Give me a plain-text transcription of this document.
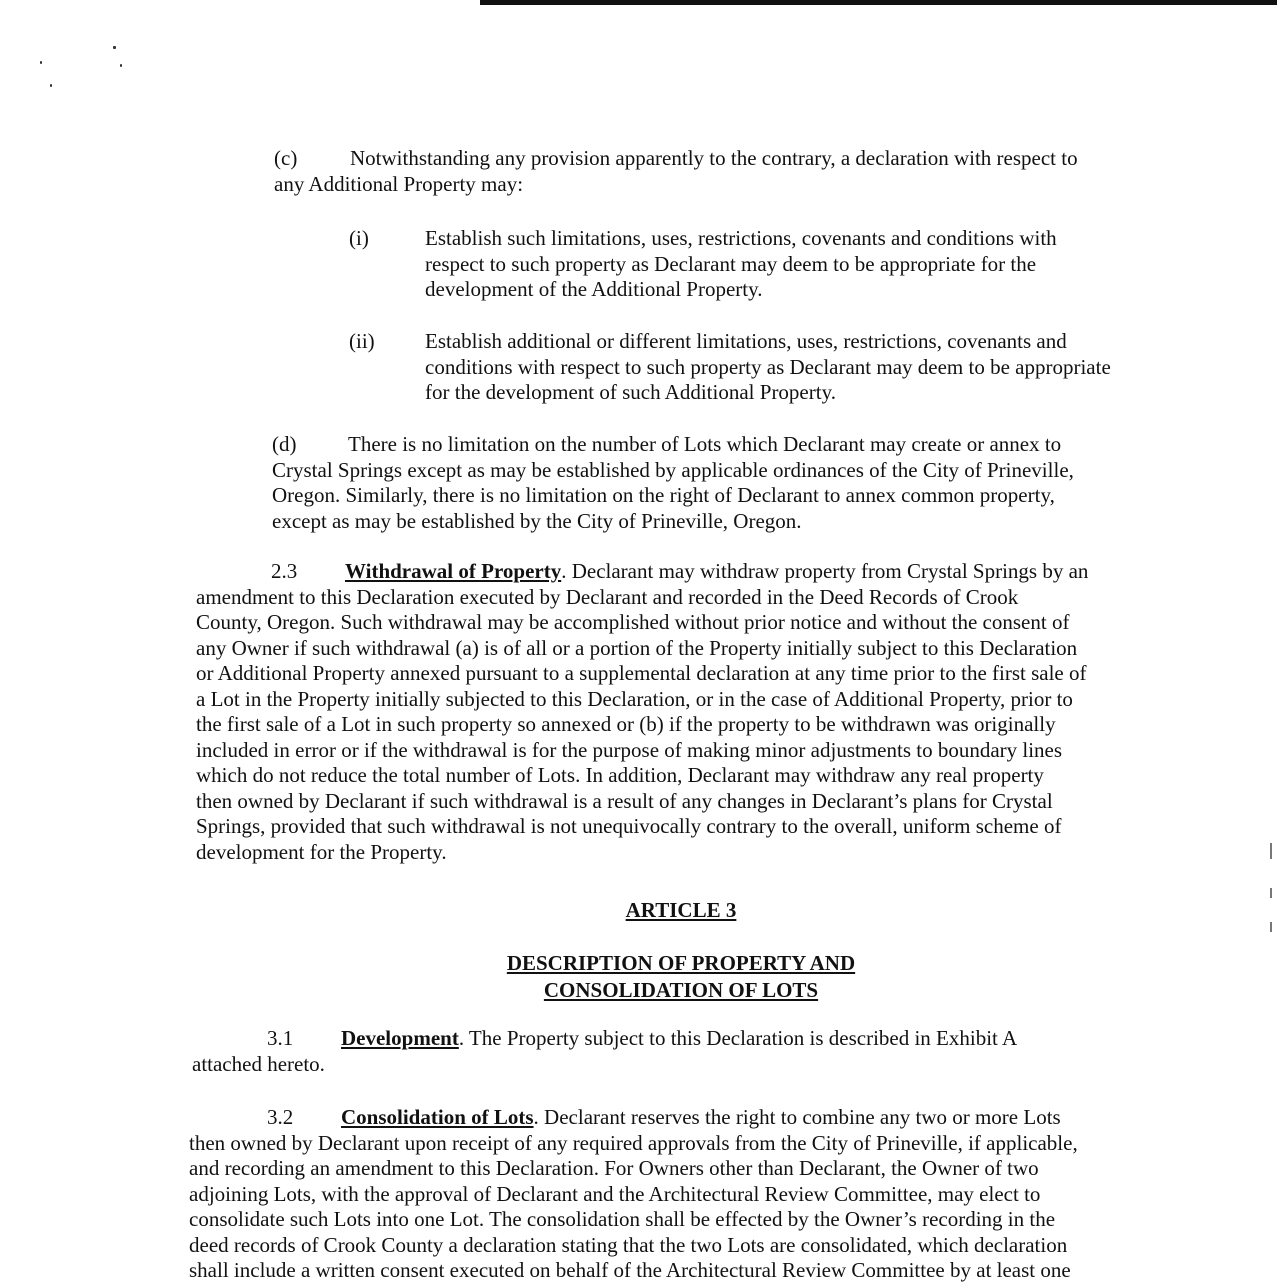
(c)	Notwithstanding any provision apparently to the contrary, a declaration with respect to
any Additional Property may:
(i)	Establish such limitations, uses, restrictions, covenants and conditions with
respect to such property as Declarant may deem to be appropriate for the
development of the Additional Property.
(ii) Establish additional or different limitations, uses, restrictions, covenants and
conditions with respect to such property as Declarant may deem to be appropriate
for the development of such Additional Property.
(d) There is no limitation on the number of Lots which Declarant may create or annex to
Crystal Springs except as may be established by applicable ordinances of the City of Prineville,
Oregon. Similarly, there is no limitation on the right of Declarant to annex common property,
except as may be established by the City of Prineville, Oregon.
2.3 Withdrawal of Property. Declarant may withdraw property from Crystal Springs by an
amendment to this Declaration executed by Declarant and recorded in the Deed Records of Crook
County, Oregon. Such withdrawal may be accomplished without prior notice and without the consent of
any Owner if such withdrawal (a) is of all or a portion of the Property initially subject to this Declaration
or Additional Property annexed pursuant to a supplemental declaration at any time prior to the first sale of
a Lot in the Property initially subjected to this Declaration, or in the case of Additional Property, prior to
the first sale of a Lot in such property so annexed or (b) if the property to be withdrawn was originally
included in error or if the withdrawal is for the purpose of making minor adjustments to boundary lines
which do not reduce the total number of Lots. In addition, Declarant may withdraw any real property
then owned by Declarant if such withdrawal is a result of any changes in Declarant’s plans for Crystal
Springs, provided that such withdrawal is not unequivocally contrary to the overall, uniform scheme of
development for the Property.
ARTICLE 3
DESCRIPTION OF PROPERTY AND
CONSOLIDATION OF LOTS
3.1 Development. The Property subject to this Declaration is described in Exhibit A
attached hereto.
3.2 Consolidation of Lots. Declarant reserves the right to combine any two or more Lots
then owned by Declarant upon receipt of any required approvals from the City of Prineville, if applicable,
and recording an amendment to this Declaration. For Owners other than Declarant, the Owner of two
adjoining Lots, with the approval of Declarant and the Architectural Review Committee, may elect to
consolidate such Lots into one Lot. The consolidation shall be effected by the Owner’s recording in the
deed records of Crook County a declaration stating that the two Lots are consolidated, which declaration
shall include a written consent executed on behalf of the Architectural Review Committee by at least one
